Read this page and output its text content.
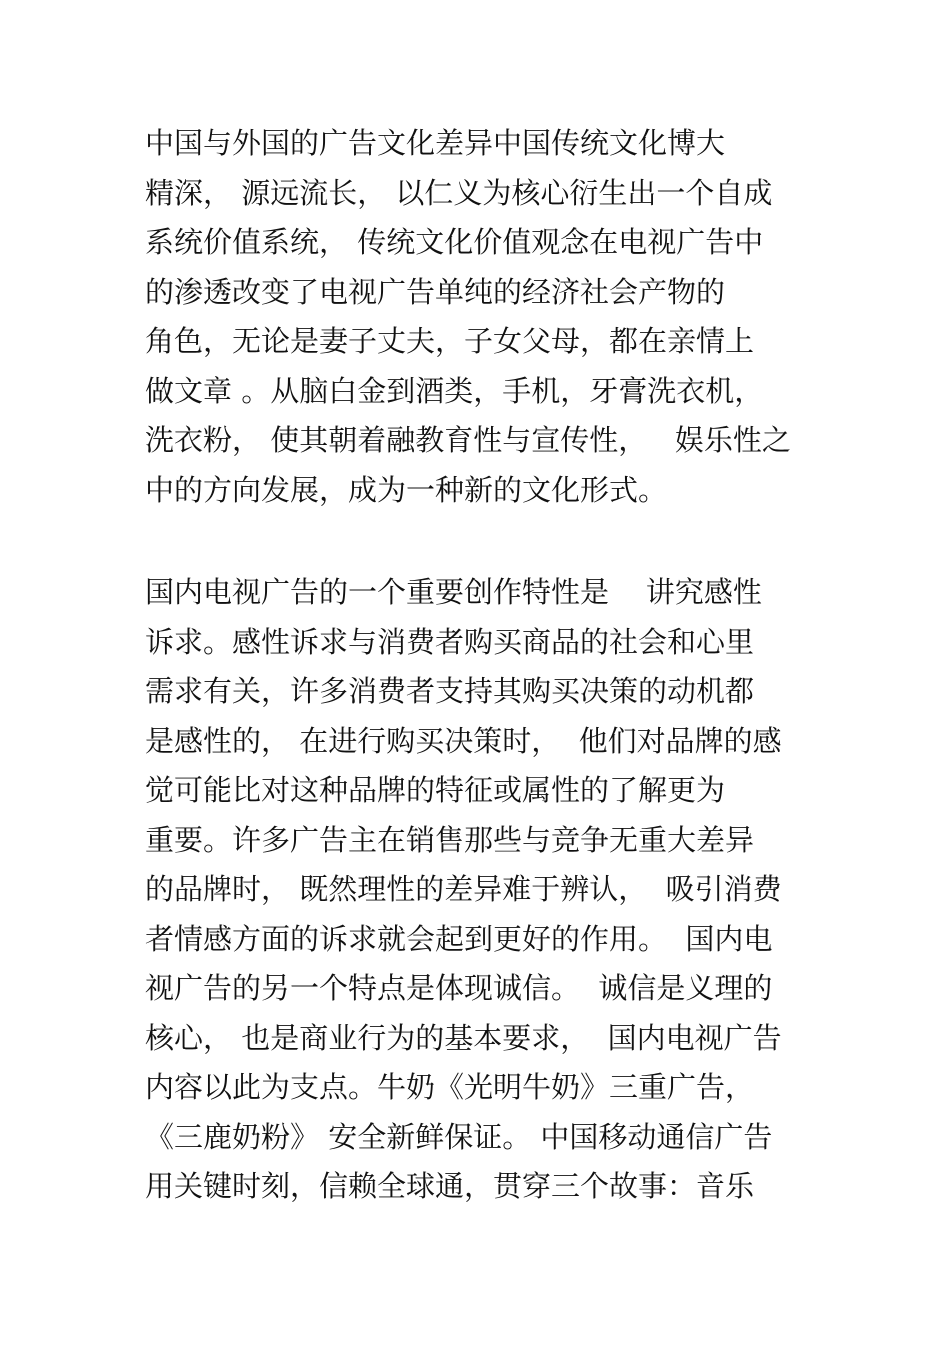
中国与外国的广告文化差异中国传统文化博大
精深， 源远流长， 以仁义为核心衍生出一个自成
系统价值系统， 传统文化价值观念在电视广告中
的渗透改变了电视广告单纯的经济社会产物的
角色，无论是妻子丈夫，子女父母，都在亲情上
做文章 。从脑白金到酒类，手机，牙膏洗衣机，
洗衣粉， 使其朝着融教育性与宣传性，   娱乐性之
中的方向发展，成为一种新的文化形式。
国内电视广告的一个重要创作特性是    讲究感性
诉求。感性诉求与消费者购买商品的社会和心里
需求有关，许多消费者支持其购买决策的动机都
是感性的， 在进行购买决策时，  他们对品牌的感
觉可能比对这种品牌的特征或属性的了解更为
重要。许多广告主在销售那些与竞争无重大差异
的品牌时， 既然理性的差异难于辨认，  吸引消费
者情感方面的诉求就会起到更好的作用。  国内电
视广告的另一个特点是体现诚信。  诚信是义理的
核心， 也是商业行为的基本要求，  国内电视广告
内容以此为支点。牛奶《光明牛奶》三重广告，
《三鹿奶粉》 安全新鲜保证。 中国移动通信广告
用关键时刻，信赖全球通，贯穿三个故事：音乐
